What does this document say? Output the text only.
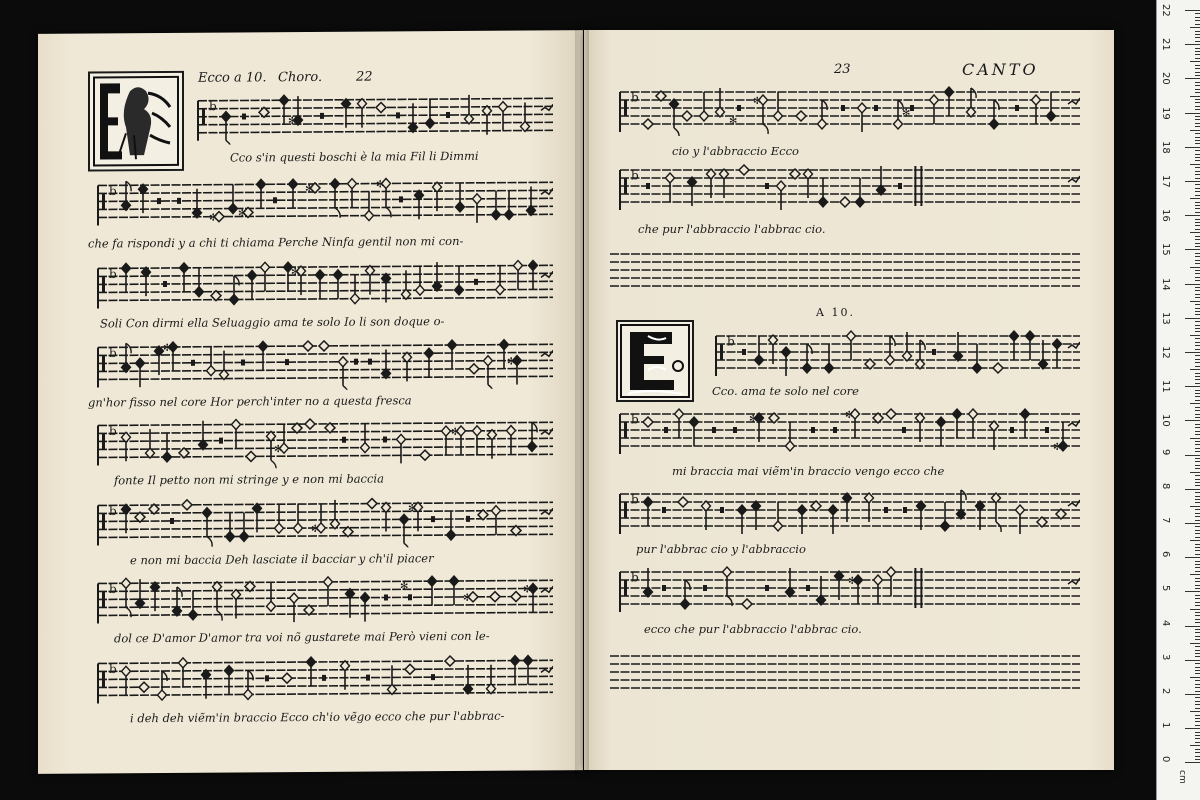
Ecco a 10. Choro.	22
b
✻
Cco s'in questi boschi è la mia Fil li Dimmi
b
✻ ✻
✻	✻
che fa rispondi y a chi ti chiama Perche Ninfa gentil non mi con-
b	✻
Soli Con dirmi ella Seluaggio ama te solo Io li son doque o-
b	✻
✻
gn'hor fisso nel core Hor perch'inter no a questa fresca
b
✻
✻
fonte Il petto non mi stringe y e non mi baccia
b
✻
✻
e non mi baccia Deh lasciate il bacciar y ch'il piacer
b	✻
✻
✻
dol ce D'amor D'amor tra voi nõ gustarete mai Però vieni con le-
b
i deh deh viẽm'in braccio Ecco ch'io vẽgo ecco che pur l'abbrac-
23	CANTO
b
✻
✻
✻
cio y l'abbraccio Ecco
b
che pur l'abbraccio l'abbrac cio.
A 10.
b
Cco. ama te solo nel core
b	✻	✻
✻
mi braccia mai viẽm'in braccio vengo ecco che
b
pur l'abbrac cio y l'abbraccio
b	✻
ecco che pur l'abbraccio l'abbrac cio.
22
21
20
19
18
17
16
15
14
13
12
11
10
9
8
7
6
5
4
3
2
1
0
cm
